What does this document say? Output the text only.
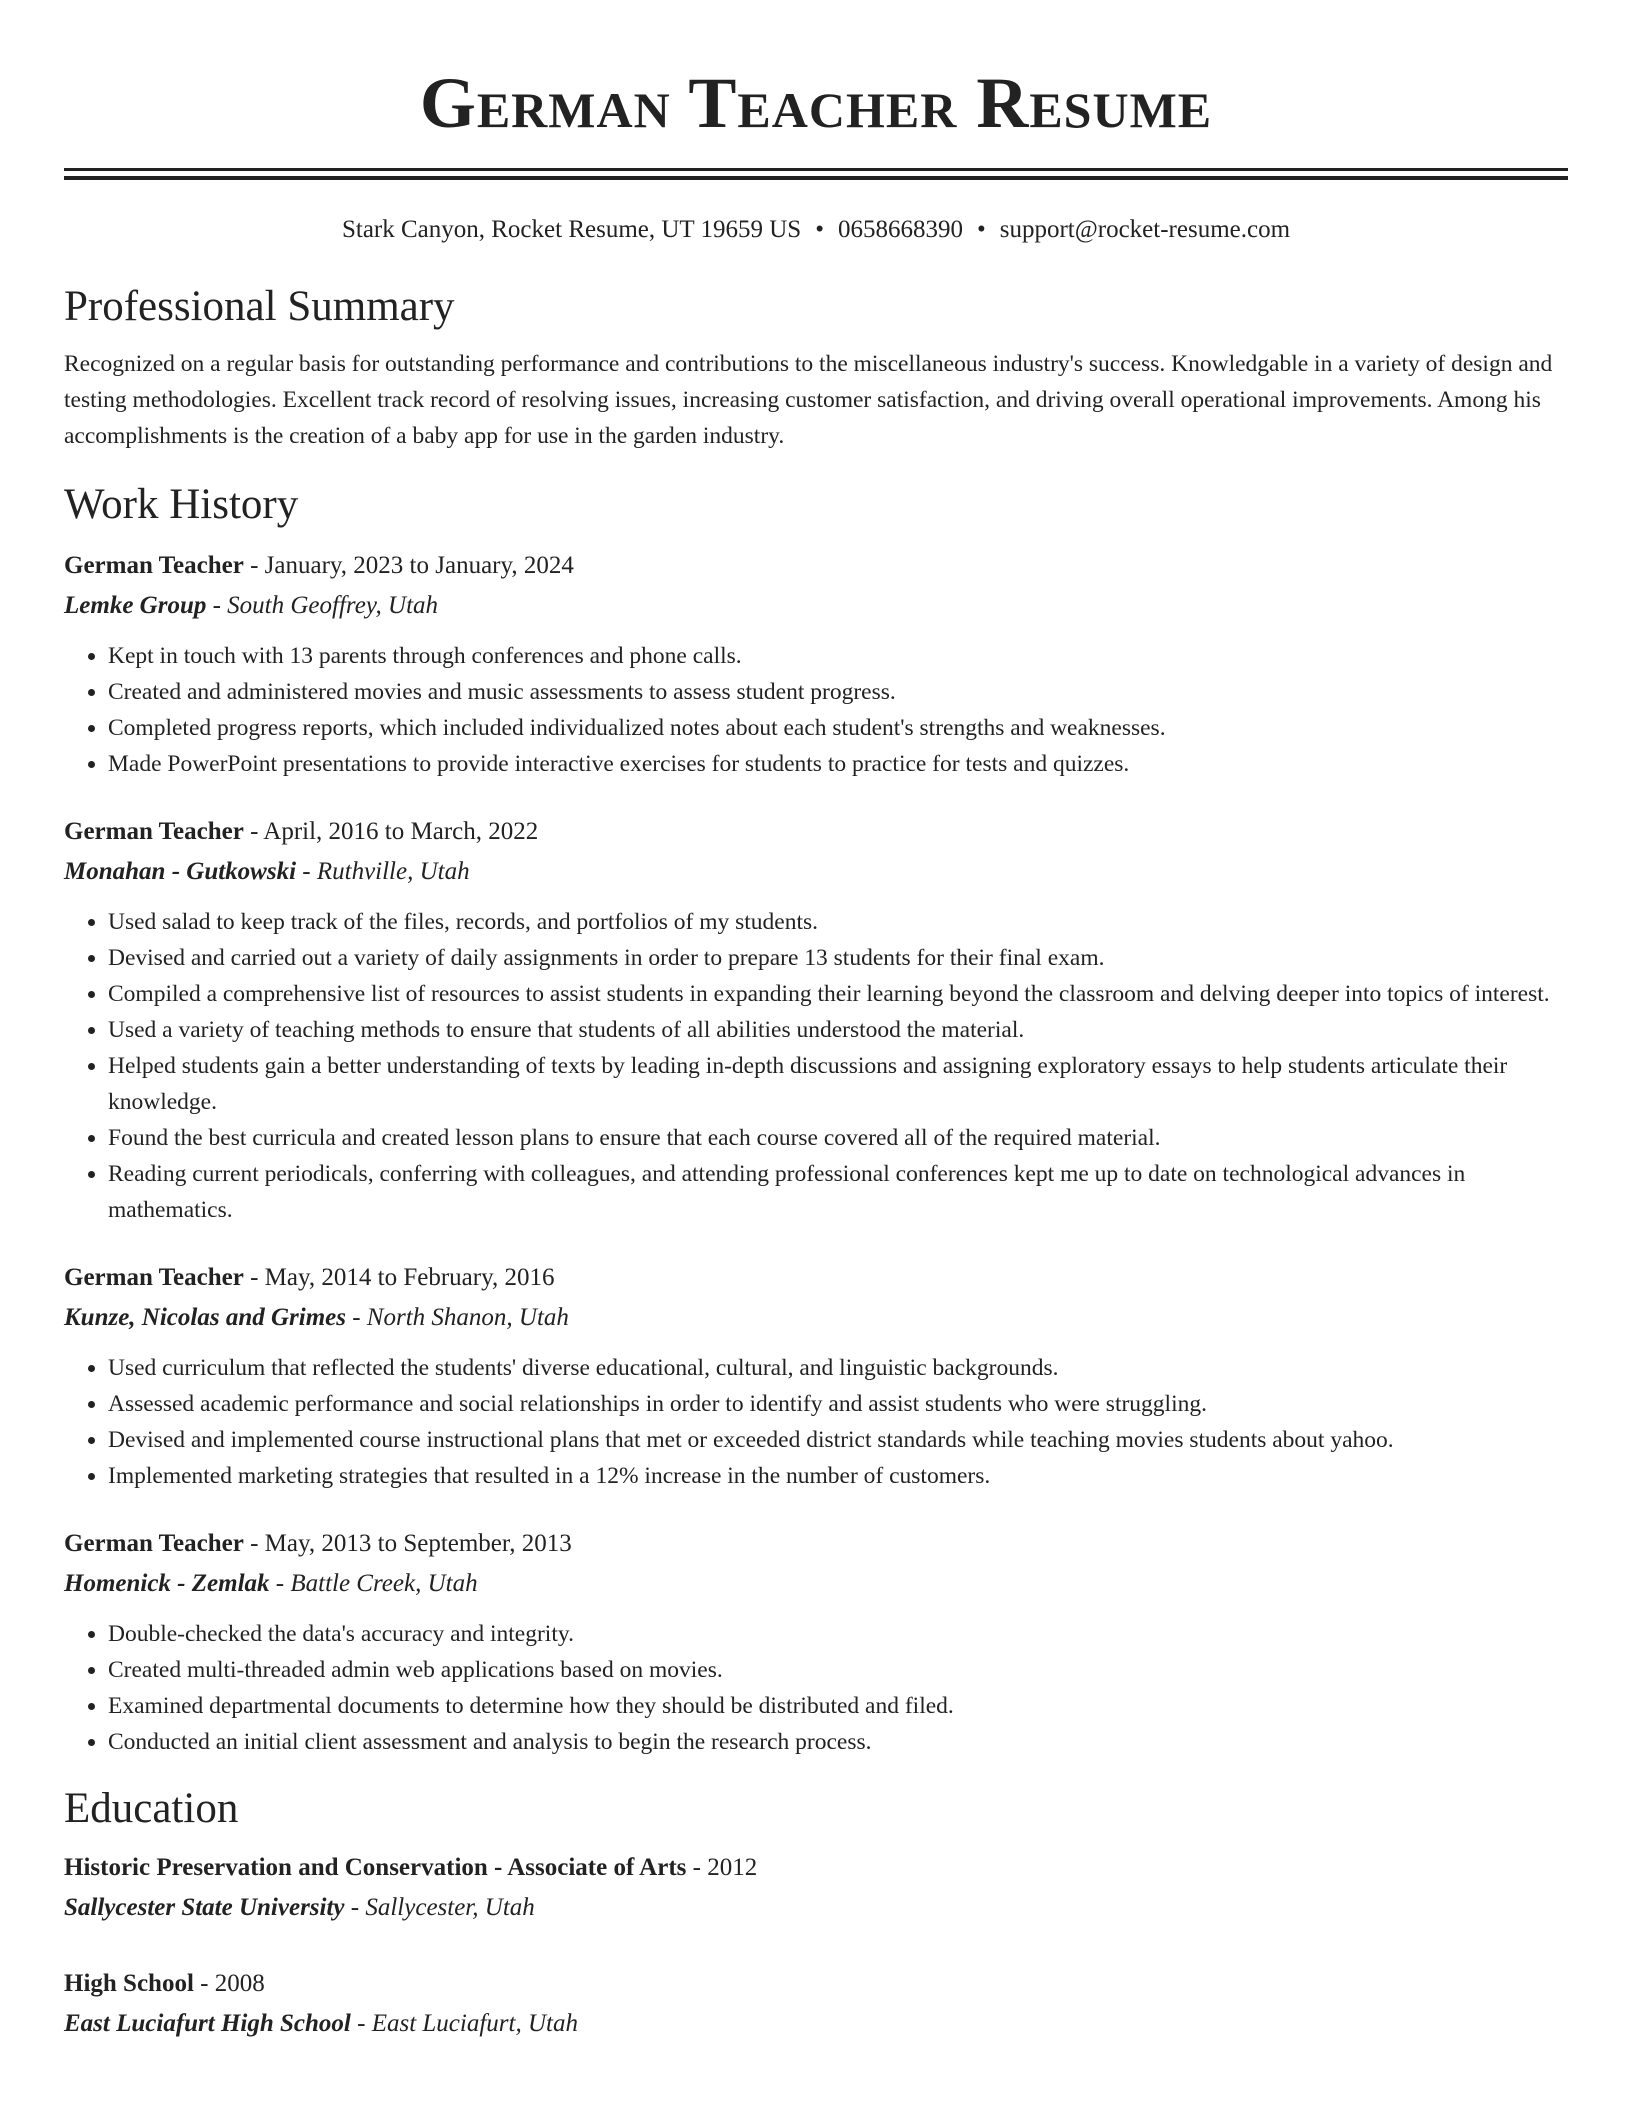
German Teacher Resume
Stark Canyon, Rocket Resume, UT 19659 US • 0658668390 • support@rocket-resume.com
Professional Summary
Recognized on a regular basis for outstanding performance and contributions to the miscellaneous industry's success. Knowledgable in a variety of design and testing methodologies. Excellent track record of resolving issues, increasing customer satisfaction, and driving overall operational improvements. Among his accomplishments is the creation of a baby app for use in the garden industry.
Work History
German Teacher - January, 2023 to January, 2024
Lemke Group - South Geoffrey, Utah
• Kept in touch with 13 parents through conferences and phone calls.
• Created and administered movies and music assessments to assess student progress.
• Completed progress reports, which included individualized notes about each student's strengths and weaknesses.
• Made PowerPoint presentations to provide interactive exercises for students to practice for tests and quizzes.
German Teacher - April, 2016 to March, 2022
Monahan - Gutkowski - Ruthville, Utah
• Used salad to keep track of the files, records, and portfolios of my students.
• Devised and carried out a variety of daily assignments in order to prepare 13 students for their final exam.
• Compiled a comprehensive list of resources to assist students in expanding their learning beyond the classroom and delving deeper into topics of interest.
• Used a variety of teaching methods to ensure that students of all abilities understood the material.
• Helped students gain a better understanding of texts by leading in-depth discussions and assigning exploratory essays to help students articulate their knowledge.
• Found the best curricula and created lesson plans to ensure that each course covered all of the required material.
• Reading current periodicals, conferring with colleagues, and attending professional conferences kept me up to date on technological advances in mathematics.
German Teacher - May, 2014 to February, 2016
Kunze, Nicolas and Grimes - North Shanon, Utah
• Used curriculum that reflected the students' diverse educational, cultural, and linguistic backgrounds.
• Assessed academic performance and social relationships in order to identify and assist students who were struggling.
• Devised and implemented course instructional plans that met or exceeded district standards while teaching movies students about yahoo.
• Implemented marketing strategies that resulted in a 12% increase in the number of customers.
German Teacher - May, 2013 to September, 2013
Homenick - Zemlak - Battle Creek, Utah
• Double-checked the data's accuracy and integrity.
• Created multi-threaded admin web applications based on movies.
• Examined departmental documents to determine how they should be distributed and filed.
• Conducted an initial client assessment and analysis to begin the research process.
Education
Historic Preservation and Conservation - Associate of Arts - 2012
Sallycester State University - Sallycester, Utah
High School - 2008
East Luciafurt High School - East Luciafurt, Utah
